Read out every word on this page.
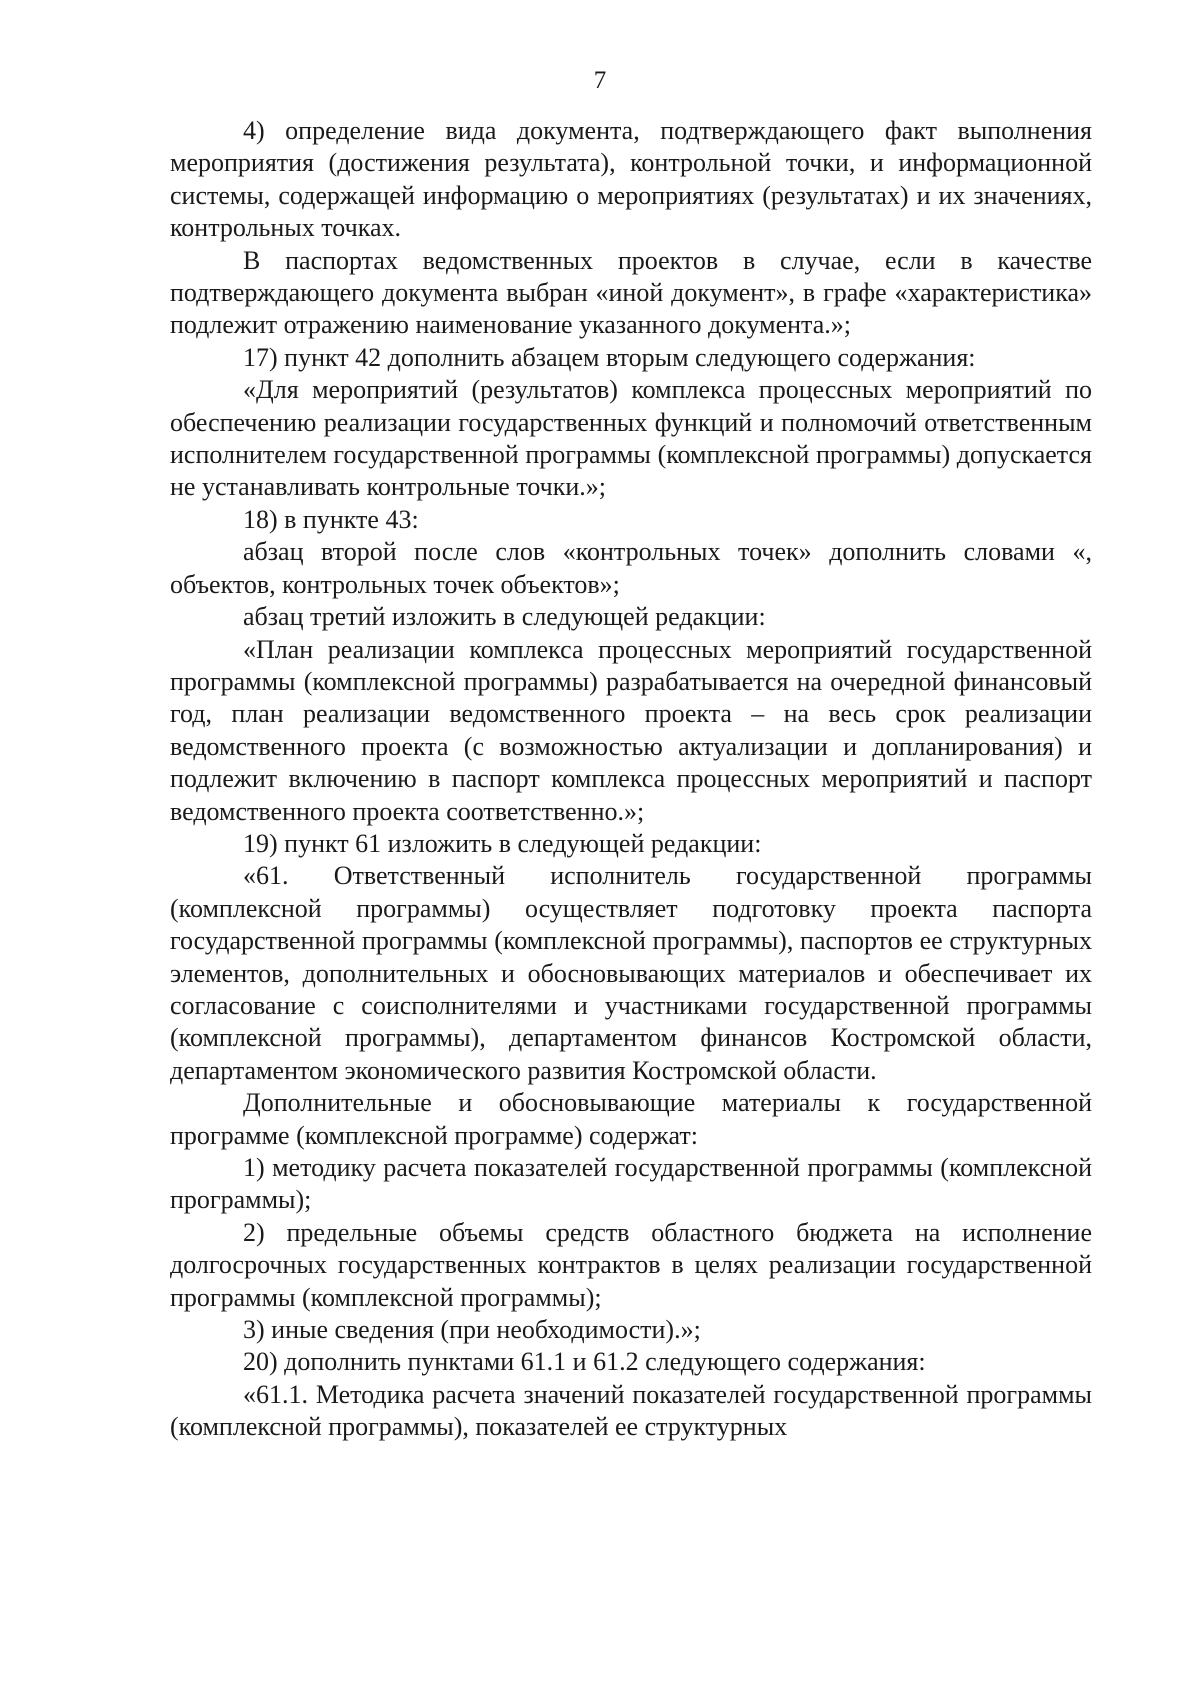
7

4) определение вида документа, подтверждающего факт выполнения мероприятия (достижения результата), контрольной точки, и информационной системы, содержащей информацию о мероприятиях (результатах) и их значениях, контрольных точках.

В паспортах ведомственных проектов в случае, если в качестве подтверждающего документа выбран «иной документ», в графе «характеристика» подлежит отражению наименование указанного документа.»;

17) пункт 42 дополнить абзацем вторым следующего содержания:

«Для мероприятий (результатов) комплекса процессных мероприятий по обеспечению реализации государственных функций и полномочий ответственным исполнителем государственной программы (комплексной программы) допускается не устанавливать контрольные точки.»;

18) в пункте 43:

абзац второй после слов «контрольных точек» дополнить словами «, объектов, контрольных точек объектов»;

абзац третий изложить в следующей редакции:

«План реализации комплекса процессных мероприятий государственной программы (комплексной программы) разрабатывается на очередной финансовый год, план реализации ведомственного проекта – на весь срок реализации ведомственного проекта (с возможностью актуализации и допланирования) и подлежит включению в паспорт комплекса процессных мероприятий и паспорт ведомственного проекта соответственно.»;

19) пункт 61 изложить в следующей редакции:

«61. Ответственный исполнитель государственной программы (комплексной программы) осуществляет подготовку проекта паспорта государственной программы (комплексной программы), паспортов ее структурных элементов, дополнительных и обосновывающих материалов и обеспечивает их согласование с соисполнителями и участниками государственной программы (комплексной программы), департаментом финансов Костромской области, департаментом экономического развития Костромской области.

Дополнительные и обосновывающие материалы к государственной программе (комплексной программе) содержат:

1) методику расчета показателей государственной программы (комплексной программы);

2) предельные объемы средств областного бюджета на исполнение долгосрочных государственных контрактов в целях реализации государственной программы (комплексной программы);

3) иные сведения (при необходимости).»;

20) дополнить пунктами 61.1 и 61.2 следующего содержания:

«61.1. Методика расчета значений показателей государственной программы (комплексной программы), показателей ее структурных
